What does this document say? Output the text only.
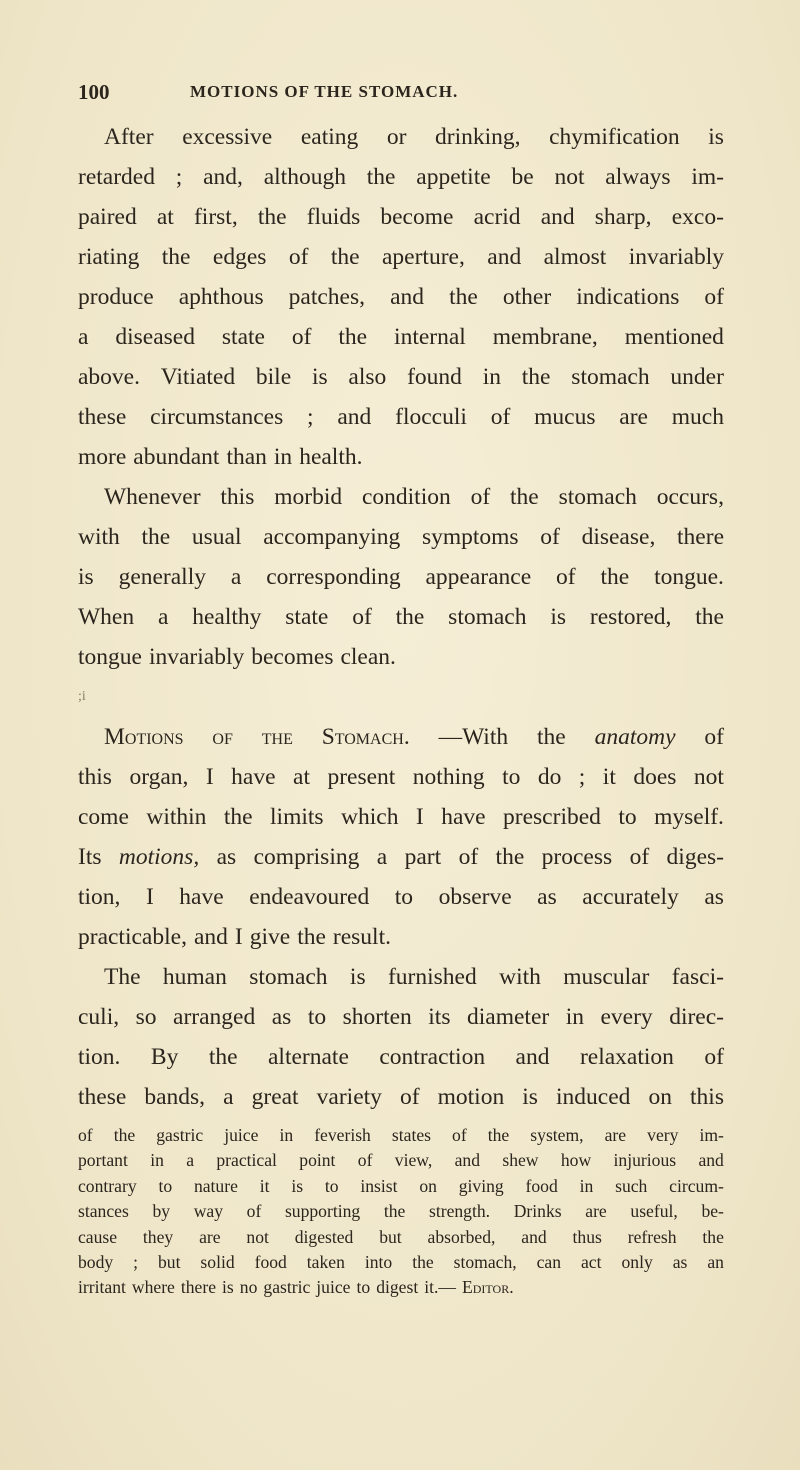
100	MOTIONS OF THE STOMACH.
After excessive eating or drinking, chymification is
retarded ; and, although the appetite be not always im-
paired at first, the fluids become acrid and sharp, exco-
riating the edges of the aperture, and almost invariably
produce aphthous patches, and the other indications of
a diseased state of the internal membrane, mentioned
above. Vitiated bile is also found in the stomach under
these circumstances ; and flocculi of mucus are much
more abundant than in health.
Whenever this morbid condition of the stomach occurs,
with the usual accompanying symptoms of disease, there
is generally a corresponding appearance of the tongue.
When a healthy state of the stomach is restored, the
tongue invariably becomes clean.
;i
Motions of the Stomach. —With the anatomy of
this organ, I have at present nothing to do ; it does not
come within the limits which I have prescribed to myself.
Its motions, as comprising a part of the process of diges-
tion, I have endeavoured to observe as accurately as
practicable, and I give the result.
The human stomach is furnished with muscular fasci-
culi, so arranged as to shorten its diameter in every direc-
tion. By the alternate contraction and relaxation of
these bands, a great variety of motion is induced on this
of the gastric juice in feverish states of the system, are very im-
portant in a practical point of view, and shew how injurious and
contrary to nature it is to insist on giving food in such circum-
stances by way of supporting the strength. Drinks are useful, be-
cause they are not digested but absorbed, and thus refresh the
body ; but solid food taken into the stomach, can act only as an
irritant where there is no gastric juice to digest it.— Editor.
